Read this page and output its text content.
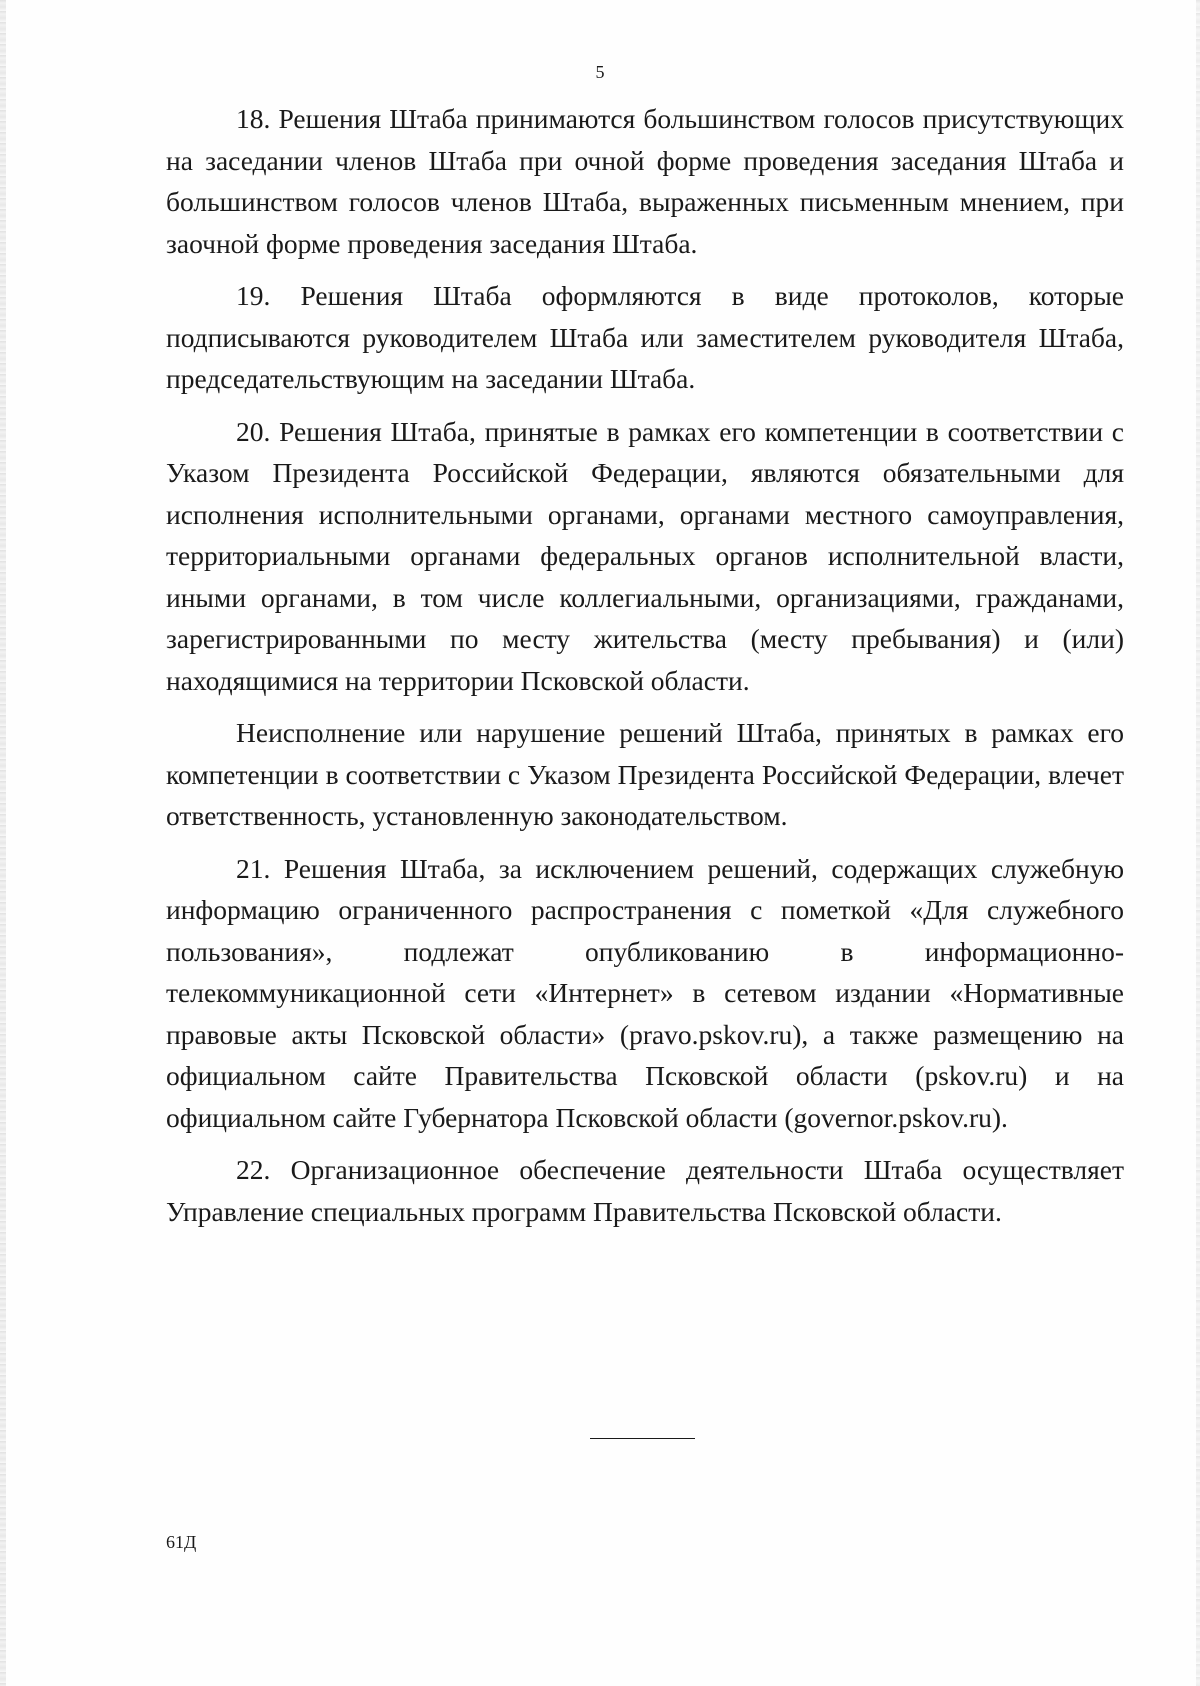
5

18. Решения Штаба принимаются большинством голосов присутствующих на заседании членов Штаба при очной форме проведения заседания Штаба и большинством голосов членов Штаба, выраженных письменным мнением, при заочной форме проведения заседания Штаба.

19. Решения Штаба оформляются в виде протоколов, которые подписываются руководителем Штаба или заместителем руководителя Штаба, председательствующим на заседании Штаба.

20. Решения Штаба, принятые в рамках его компетенции в соответствии с Указом Президента Российской Федерации, являются обязательными для исполнения исполнительными органами, органами местного самоуправления, территориальными органами федеральных органов исполнительной власти, иными органами, в том числе коллегиальными, организациями, гражданами, зарегистрированными по месту жительства (месту пребывания) и (или) находящимися на территории Псковской области.

Неисполнение или нарушение решений Штаба, принятых в рамках его компетенции в соответствии с Указом Президента Российской Федерации, влечет ответственность, установленную законодательством.

21. Решения Штаба, за исключением решений, содержащих служебную информацию ограниченного распространения с пометкой «Для служебного пользования», подлежат опубликованию в информационно-телекоммуникационной сети «Интернет» в сетевом издании «Нормативные правовые акты Псковской области» (pravo.pskov.ru), а также размещению на официальном сайте Правительства Псковской области (pskov.ru) и на официальном сайте Губернатора Псковской области (governor.pskov.ru).

22. Организационное обеспечение деятельности Штаба осуществляет Управление специальных программ Правительства Псковской области.

61Д
